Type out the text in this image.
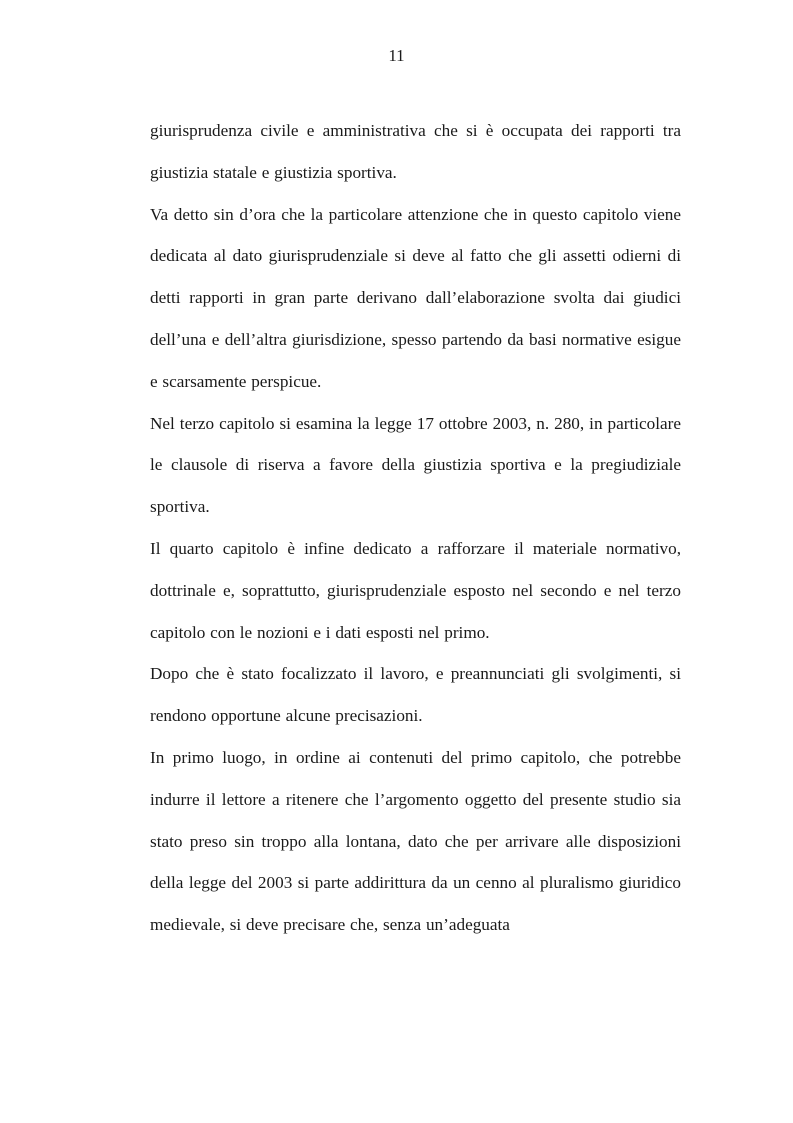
11

giurisprudenza civile e amministrativa che si è occupata dei rapporti tra giustizia statale e giustizia sportiva.

Va detto sin d’ora che la particolare attenzione che in questo capitolo viene dedicata al dato giurisprudenziale si deve al fatto che gli assetti odierni di detti rapporti in gran parte derivano dall’elaborazione svolta dai giudici dell’una e dell’altra giurisdizione, spesso partendo da basi normative esigue e scarsamente perspicue.

Nel terzo capitolo si esamina la legge 17 ottobre 2003, n. 280, in particolare le clausole di riserva a favore della giustizia sportiva e la pregiudiziale sportiva.

Il quarto capitolo è infine dedicato a rafforzare il materiale normativo, dottrinale e, soprattutto, giurisprudenziale esposto nel secondo e nel terzo capitolo con le nozioni e i dati esposti nel primo.

Dopo che è stato focalizzato il lavoro, e preannunciati gli svolgimenti, si rendono opportune alcune precisazioni.

In primo luogo, in ordine ai contenuti del primo capitolo, che potrebbe indurre il lettore a ritenere che l’argomento oggetto del presente studio sia stato preso sin troppo alla lontana, dato che per arrivare alle disposizioni della legge del 2003 si parte addirittura da un cenno al pluralismo giuridico medievale, si deve precisare che, senza un’adeguata
